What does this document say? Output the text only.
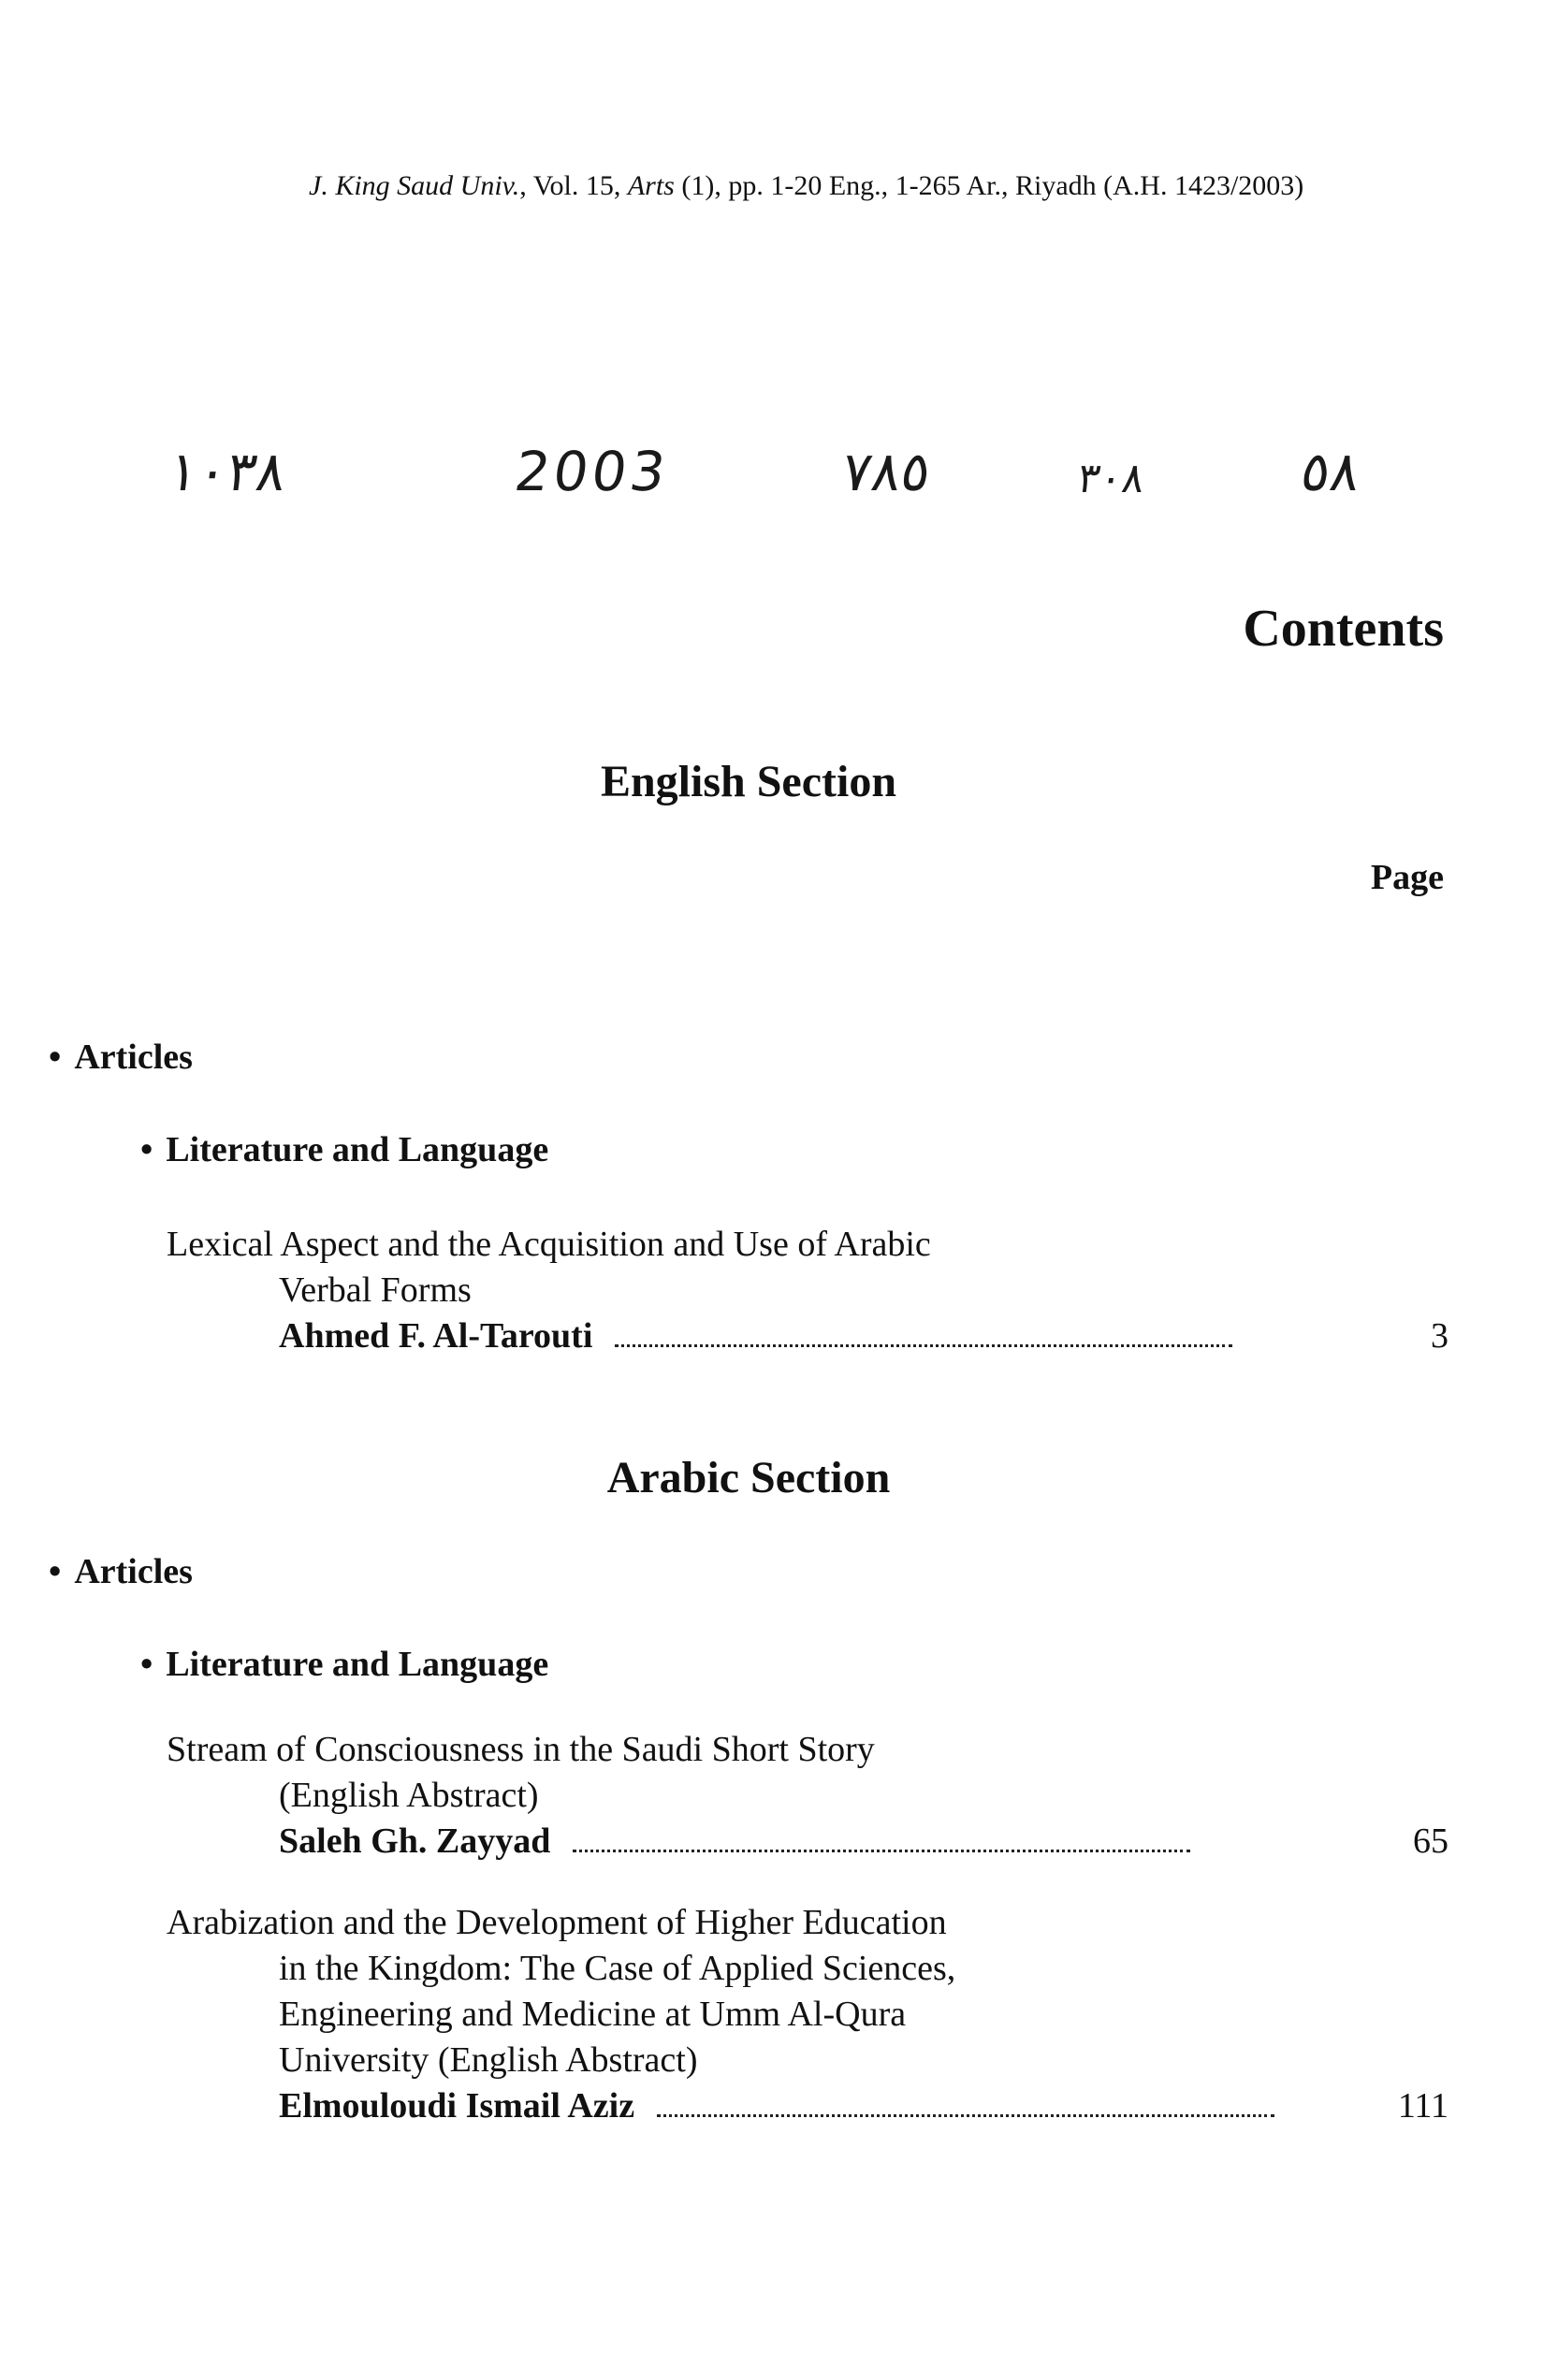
J. King Saud Univ., Vol. 15, Arts (1), pp. 1-20 Eng., 1-265 Ar., Riyadh (A.H. 1423/2003)
١٠٣٨	2003	٧٨٥	٣٠٨	٥٨
Contents
English Section
Page
• Articles
• Literature and Language
Lexical Aspect and the Acquisition and Use of Arabic
Verbal Forms
Ahmed F. Al-Tarouti	3
Arabic Section
• Articles
• Literature and Language
Stream of Consciousness in the Saudi Short Story
(English Abstract)
Saleh Gh. Zayyad	65
Arabization and the Development of Higher Education
in the Kingdom: The Case of Applied Sciences,
Engineering and Medicine at Umm Al-Qura
University (English Abstract)
Elmouloudi Ismail Aziz	111
